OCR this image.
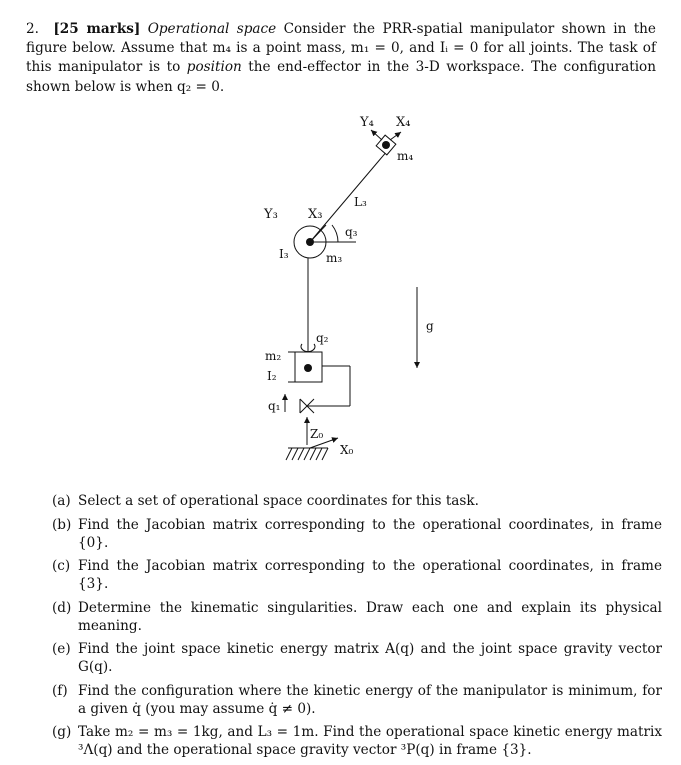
2. [25 marks] Operational space Consider the PRR-spatial manipulator shown in the figure below. Assume that m₄ is a point mass, m₁ = 0, and Iᵢ = 0 for all joints. The task of this manipulator is to position the end-effector in the 3-D workspace. The configuration shown below is when q₂ = 0.
Y₄ X₄
m₄
L₃
Y₃ X₃
q₃
I₃	m₃
q₂
m₂
I₂
q₁
Z₀
X₀
g
(a) Select a set of operational space coordinates for this task.
(b) Find the Jacobian matrix corresponding to the operational coordinates, in frame {0}.
(c) Find the Jacobian matrix corresponding to the operational coordinates, in frame {3}.
(d) Determine the kinematic singularities. Draw each one and explain its physical meaning.
(e) Find the joint space kinetic energy matrix A(q) and the joint space gravity vector G(q).
(f) Find the configuration where the kinetic energy of the manipulator is minimum, for a given q̇ (you may assume q̇ ≠ 0).
(g) Take m₂ = m₃ = 1kg, and L₃ = 1m. Find the operational space kinetic energy matrix ³Λ(q) and the operational space gravity vector ³P(q) in frame {3}.
